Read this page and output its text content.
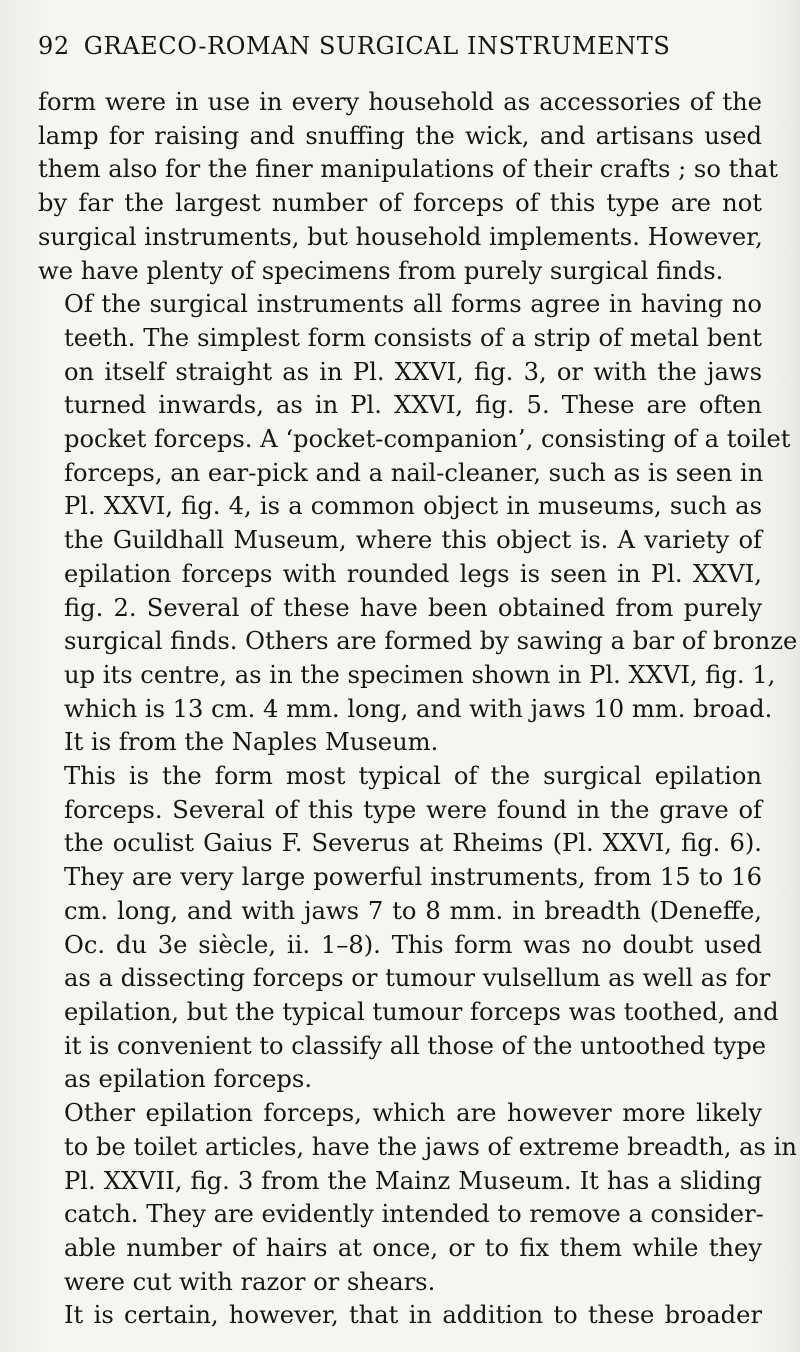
92 GRAECO-ROMAN SURGICAL INSTRUMENTS

form were in use in every household as accessories of the
lamp for raising and snuffing the wick, and artisans used
them also for the finer manipulations of their crafts ; so that
by far the largest number of forceps of this type are not
surgical instruments, but household implements. However,
we have plenty of specimens from purely surgical finds.

Of the surgical instruments all forms agree in having no
teeth. The simplest form consists of a strip of metal bent
on itself straight as in Pl. XXVI, fig. 3, or with the jaws
turned inwards, as in Pl. XXVI, fig. 5. These are often
pocket forceps. A ‘pocket-companion’, consisting of a toilet
forceps, an ear-pick and a nail-cleaner, such as is seen in
Pl. XXVI, fig. 4, is a common object in museums, such as
the Guildhall Museum, where this object is. A variety of
epilation forceps with rounded legs is seen in Pl. XXVI,
fig. 2. Several of these have been obtained from purely
surgical finds. Others are formed by sawing a bar of bronze
up its centre, as in the specimen shown in Pl. XXVI, fig. 1,
which is 13 cm. 4 mm. long, and with jaws 10 mm. broad.
It is from the Naples Museum.

This is the form most typical of the surgical epilation
forceps. Several of this type were found in the grave of
the oculist Gaius F. Severus at Rheims (Pl. XXVI, fig. 6).
They are very large powerful instruments, from 15 to 16
cm. long, and with jaws 7 to 8 mm. in breadth (Deneffe,
Oc. du 3e siècle, ii. 1–8). This form was no doubt used
as a dissecting forceps or tumour vulsellum as well as for
epilation, but the typical tumour forceps was toothed, and
it is convenient to classify all those of the untoothed type
as epilation forceps.

Other epilation forceps, which are however more likely
to be toilet articles, have the jaws of extreme breadth, as in
Pl. XXVII, fig. 3 from the Mainz Museum. It has a sliding
catch. They are evidently intended to remove a consider-
able number of hairs at once, or to fix them while they
were cut with razor or shears.

It is certain, however, that in addition to these broader
